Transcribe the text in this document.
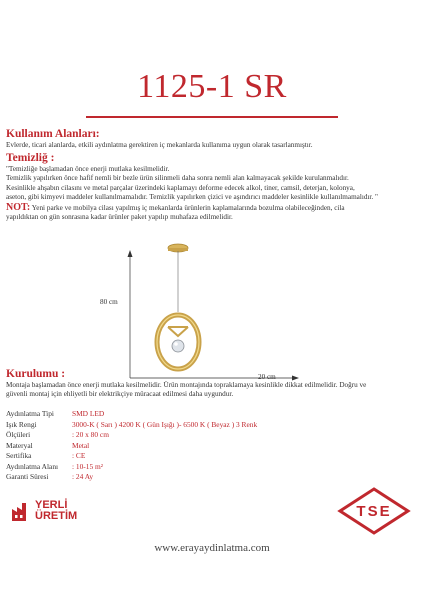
1125-1 SR
Kullanım Alanları:
Evlerde, ticari alanlarda, etkili aydınlatma gerektiren iç mekanlarda kullanıma uygun olarak tasarlanmıştır.
Temizliğ :
"Temizliğe başlamadan önce enerji mutlaka kesilmelidir.
Temizlik yapılırken önce hafif nemli bir bezle ürün silinmeli daha sonra nemli alan kalmayacak şekilde kurulanmalıdır.
Kesinlikle ahşabın cilasını ve metal parçalar üzerindeki kaplamayı deforme edecek alkol, tiner, camsil, deterjan, kolonya,
aseton, gibi kimyevi maddeler kullanılmamalıdır. Temizlik yapılırken çizici ve aşındırıcı maddeler kesinlikle kullanılmamalıdır. "
NOT: Yeni parke ve mobilya cilası yapılmış iç mekanlarda ürünlerin kaplamalarında bozulma olabileceğinden, cila
yapıldıktan on gün sonrasına kadar ürünler paket yapılıp muhafaza edilmelidir.
80 cm
20 cm
Kurulumu :
Montaja başlamadan önce enerji mutlaka kesilmelidir. Ürün montajında topraklamaya kesinlikle dikkat edilmelidir. Doğru ve
güvenli montaj için ehliyetli bir elektrikçiye müracaat edilmesi daha uygundur.
Aydınlatma Tipi	SMD LED
Işık Rengi	3000-K ( Sarı ) 4200 K ( Gün Işığı )- 6500 K ( Beyaz ) 3 Renk
Ölçüleri	: 20 x 80 cm
Materyal	Metal
Sertifika	: CE
Aydınlatma Alanı	: 10-15 m²
Garanti Süresi	: 24 Ay
YERLİ
ÜRETİM	TSE
www.erayaydinlatma.com
